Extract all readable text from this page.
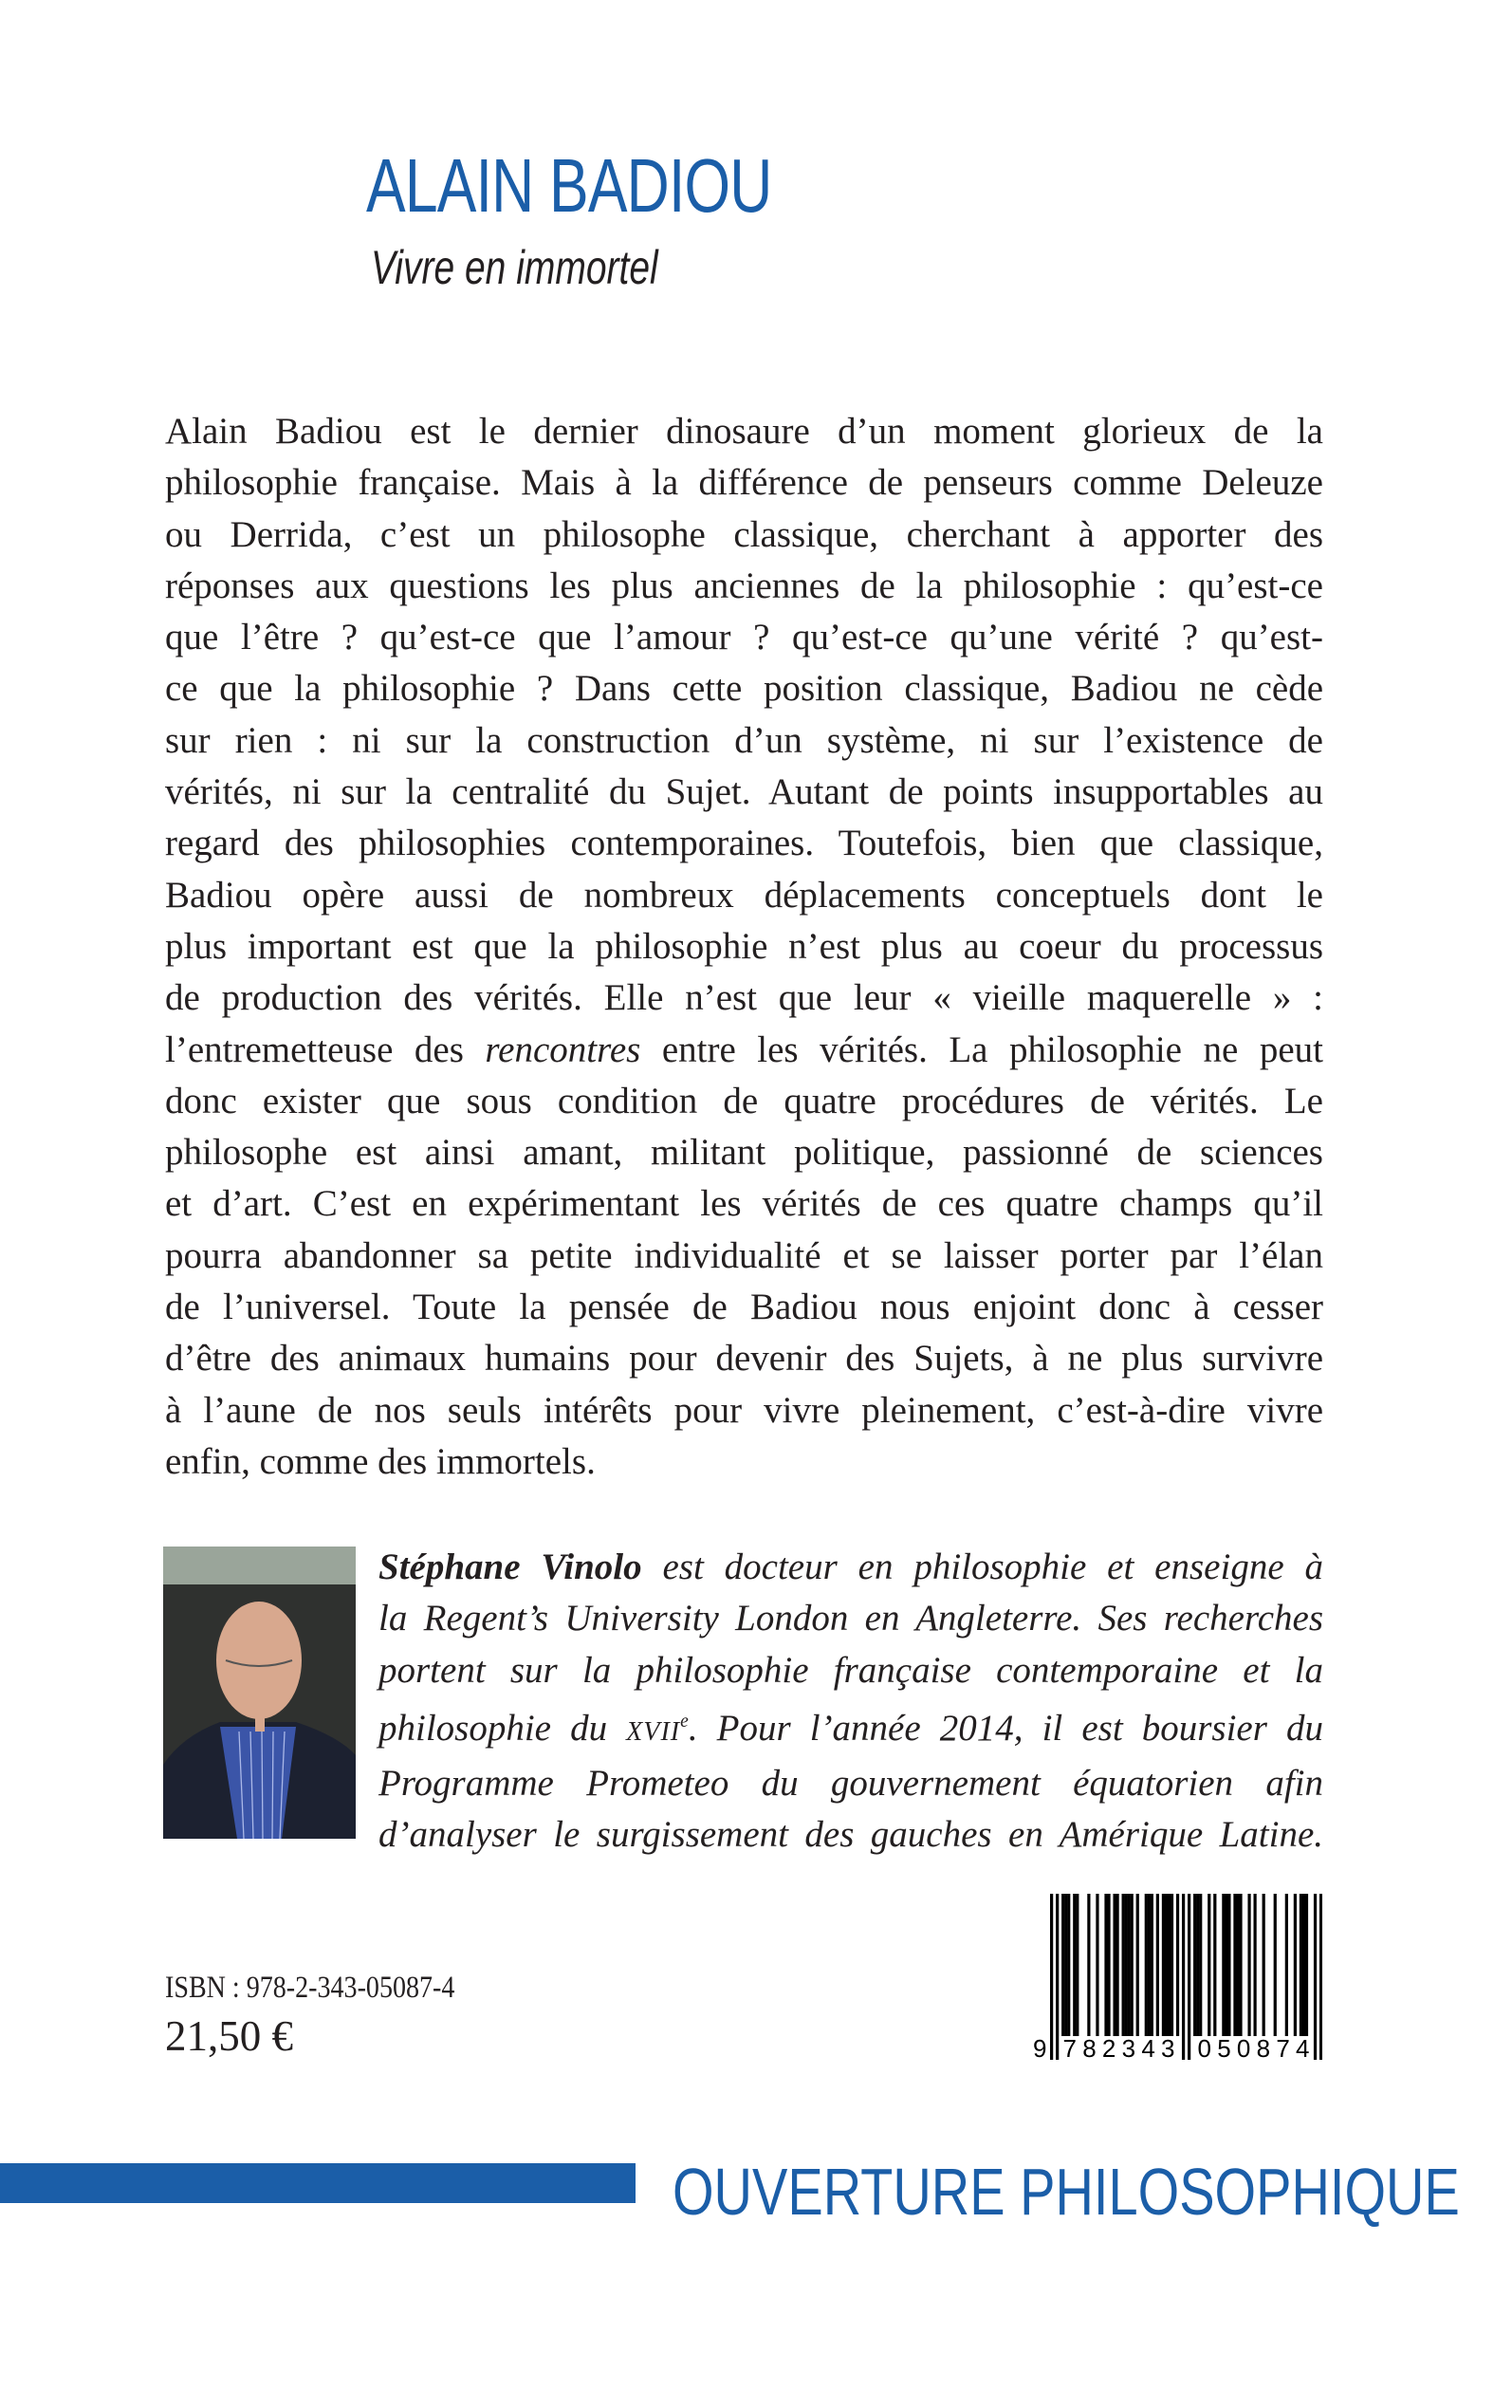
ALAIN BADIOU
Vivre en immortel
Alain Badiou est le dernier dinosaure d’un moment glorieux de la
philosophie française. Mais à la différence de penseurs comme Deleuze
ou Derrida, c’est un philosophe classique, cherchant à apporter des
réponses aux questions les plus anciennes de la philosophie : qu’est-ce
que l’être ? qu’est-ce que l’amour ? qu’est-ce qu’une vérité ? qu’est-
ce que la philosophie ? Dans cette position classique, Badiou ne cède
sur rien : ni sur la construction d’un système, ni sur l’existence de
vérités, ni sur la centralité du Sujet. Autant de points insupportables au
regard des philosophies contemporaines. Toutefois, bien que classique,
Badiou opère aussi de nombreux déplacements conceptuels dont le
plus important est que la philosophie n’est plus au coeur du processus
de production des vérités. Elle n’est que leur « vieille maquerelle » :
l’entremetteuse des rencontres entre les vérités. La philosophie ne peut
donc exister que sous condition de quatre procédures de vérités. Le
philosophe est ainsi amant, militant politique, passionné de sciences
et d’art. C’est en expérimentant les vérités de ces quatre champs qu’il
pourra abandonner sa petite individualité et se laisser porter par l’élan
de l’universel. Toute la pensée de Badiou nous enjoint donc à cesser
d’être des animaux humains pour devenir des Sujets, à ne plus survivre
à l’aune de nos seuls intérêts pour vivre pleinement, c’est-à-dire vivre
enfin, comme des immortels.
Stéphane Vinolo est docteur en philosophie et enseigne à
la Regent’s University London en Angleterre. Ses recherches
portent sur la philosophie française contemporaine et la
philosophie du XVIIe. Pour l’année 2014, il est boursier du
Programme Prometeo du gouvernement équatorien afin
d’analyser le surgissement des gauches en Amérique Latine.
ISBN : 978-2-343-05087-4
21,50 €	9 782343 050874
OUVERTURE PHILOSOPHIQUE
